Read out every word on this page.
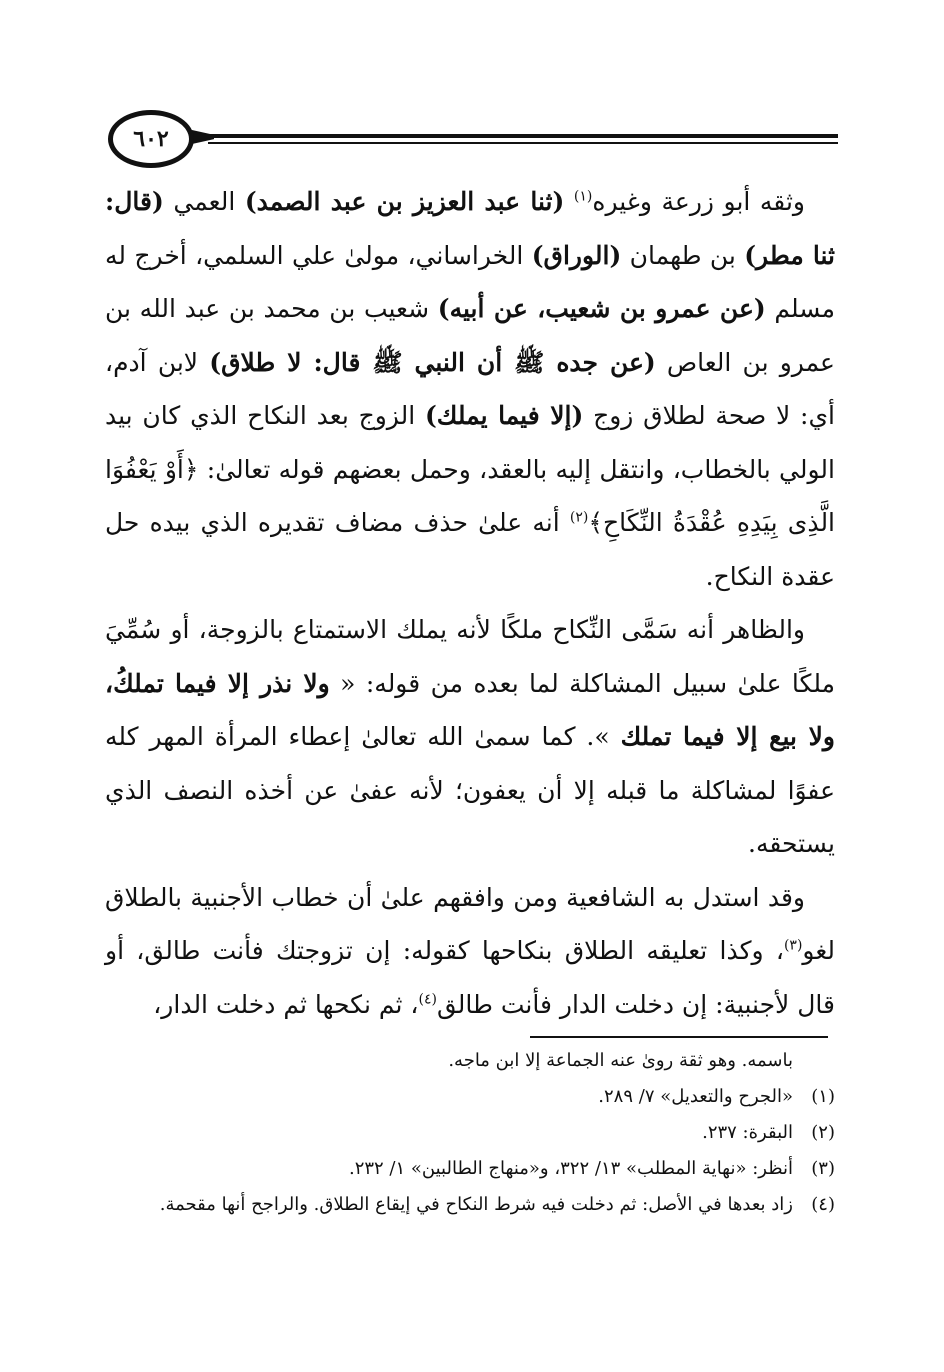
٦٠٢

وثقه أبو زرعة وغيره$^{(١)}$ (ثنا عبد العزيز بن عبد الصمد) العمي (قال: ثنا مطر) بن طهمان (الوراق) الخراساني، مولىٰ علي السلمي، أخرج له مسلم (عن عمرو بن شعيب، عن أبيه) شعيب بن محمد بن عبد الله بن عمرو بن العاص (عن جده ﷺ أن النبي ﷺ قال: لا طلاق) لابن آدم، أي: لا صحة لطلاق زوج (إلا فيما يملك) الزوج بعد النكاح الذي كان بيد الولي بالخطاب، وانتقل إليه بالعقد، وحمل بعضهم قوله تعالىٰ: ﴿أَوْ يَعْفُوَا الَّذِى بِيَدِهِ عُقْدَةُ النِّكَاحِ﴾$^{(٢)}$ أنه علىٰ حذف مضاف تقديره الذي بيده حل عقدة النكاح.

والظاهر أنه سَمَّى النِّكاح ملكًا لأنه يملك الاستمتاع بالزوجة، أو سُمِّيَ ملكًا علىٰ سبيل المشاكلة لما بعده من قوله: « ولا نذر إلا فيما تملكُ، ولا بيع إلا فيما تملك ». كما سمىٰ الله تعالىٰ إعطاء المرأة المهر كله عفوًا لمشاكلة ما قبله إلا أن يعفون؛ لأنه عفىٰ عن أخذه النصف الذي يستحقه.

وقد استدل به الشافعية ومن وافقهم علىٰ أن خطاب الأجنبية بالطلاق لغو$^{(٣)}$، وكذا تعليقه الطلاق بنكاحها كقوله: إن تزوجتك فأنت طالق، أو قال لأجنبية: إن دخلت الدار فأنت طالق$^{(٤)}$، ثم نكحها ثم دخلت الدار،

باسمه. وهو ثقة روىٰ عنه الجماعة إلا ابن ماجه.

(١)«الجرح والتعديل» ٧/ ٢٨٩.

(٢)البقرة: ٢٣٧.

(٣)أنظر: «نهاية المطلب» ١٣/ ٣٢٢، و«منهاج الطالبين» ١/ ٢٣٢.

(٤)زاد بعدها في الأصل: ثم دخلت فيه شرط النكاح في إيقاع الطلاق. والراجح أنها مقحمة.
